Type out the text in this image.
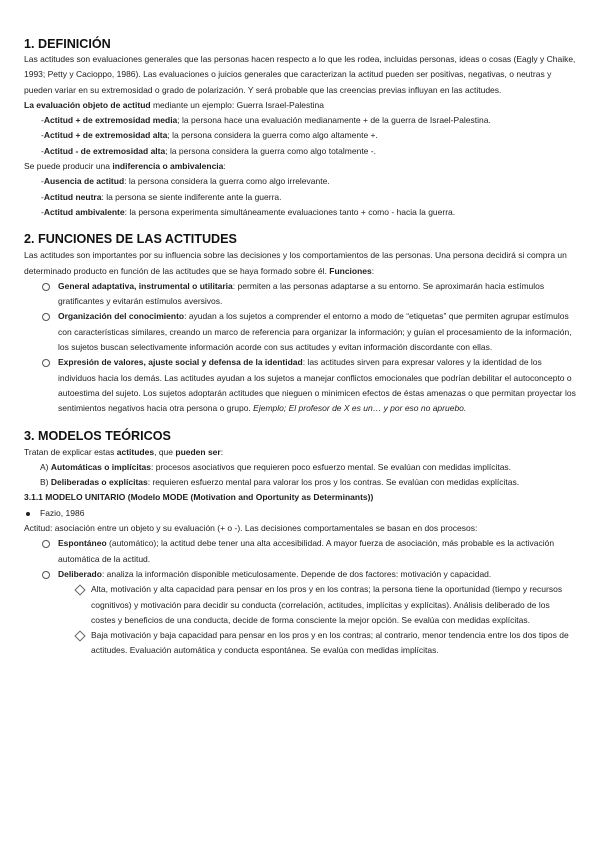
1. DEFINICIÓN

Las actitudes son evaluaciones generales que las personas hacen respecto a lo que les rodea, incluidas personas, ideas o cosas (Eagly y Chaike, 1993; Petty y Cacioppo, 1986). Las evaluaciones o juicios generales que caracterizan la actitud pueden ser positivas, negativas, o neutras y pueden variar en su extremosidad o grado de polarización. Y será probable que las creencias previas influyan en las actitudes.

La evaluación objeto de actitud mediante un ejemplo: Guerra Israel-Palestina

-Actitud + de extremosidad media; la persona hace una evaluación medianamente + de la guerra de Israel-Palestina.

-Actitud + de extremosidad alta; la persona considera la guerra como algo altamente +.

-Actitud - de extremosidad alta; la persona considera la guerra como algo totalmente -.

Se puede producir una indiferencia o ambivalencia:

-Ausencia de actitud: la persona considera la guerra como algo irrelevante.

-Actitud neutra: la persona se siente indiferente ante la guerra.

-Actitud ambivalente: la persona experimenta simultáneamente evaluaciones tanto + como - hacia la guerra.

2. FUNCIONES DE LAS ACTITUDES

Las actitudes son importantes por su influencia sobre las decisiones y los comportamientos de las personas. Una persona decidirá si compra un determinado producto en función de las actitudes que se haya formado sobre él. Funciones:

General adaptativa, instrumental o utilitaria: permiten a las personas adaptarse a su entorno. Se aproximarán hacia estímulos gratificantes y evitarán estímulos aversivos.
Organización del conocimiento: ayudan a los sujetos a comprender el entorno a modo de “etiquetas” que permiten agrupar estímulos con características similares, creando un marco de referencia para organizar la información; y guían el procesamiento de la información, los sujetos buscan selectivamente información acorde con sus actitudes y evitan información discordante con ellas.
Expresión de valores, ajuste social y defensa de la identidad: las actitudes sirven para expresar valores y la identidad de los individuos hacia los demás. Las actitudes ayudan a los sujetos a manejar conflictos emocionales que podrían debilitar el autoconcepto o autoestima del sujeto. Los sujetos adoptarán actitudes que nieguen o minimicen efectos de éstas amenazas o que permitan proyectar los sentimientos negativos hacia otra persona o grupo. Ejemplo; El profesor de X es un… y por eso no apruebo.
3. MODELOS TEÓRICOS

Tratan de explicar estas actitudes, que pueden ser:

A) Automáticas o implícitas: procesos asociativos que requieren poco esfuerzo mental. Se evalúan con medidas implícitas.

B) Deliberadas o explícitas: requieren esfuerzo mental para valorar los pros y los contras. Se evalúan con medidas explícitas.

3.1.1 MODELO UNITARIO (Modelo MODE (Motivation and Oportunity as Determinants))

Fazio, 1986

Actitud: asociación entre un objeto y su evaluación (+ o -). Las decisiones comportamentales se basan en dos procesos:

Espontáneo (automático); la actitud debe tener una alta accesibilidad. A mayor fuerza de asociación, más probable es la activación automática de la actitud.
Deliberado: analiza la información disponible meticulosamente. Depende de dos factores: motivación y capacidad.
Alta, motivación y alta capacidad para pensar en los pros y en los contras; la persona tiene la oportunidad (tiempo y recursos cognitivos) y motivación para decidir su conducta (correlación, actitudes, implícitas y explícitas). Análisis deliberado de los costes y beneficios de una conducta, decide de forma consciente la mejor opción. Se evalúa con medidas explícitas.
Baja motivación y baja capacidad para pensar en los pros y en los contras; al contrario, menor tendencia entre los dos tipos de actitudes. Evaluación automática y conducta espontánea. Se evalúa con medidas implícitas.
